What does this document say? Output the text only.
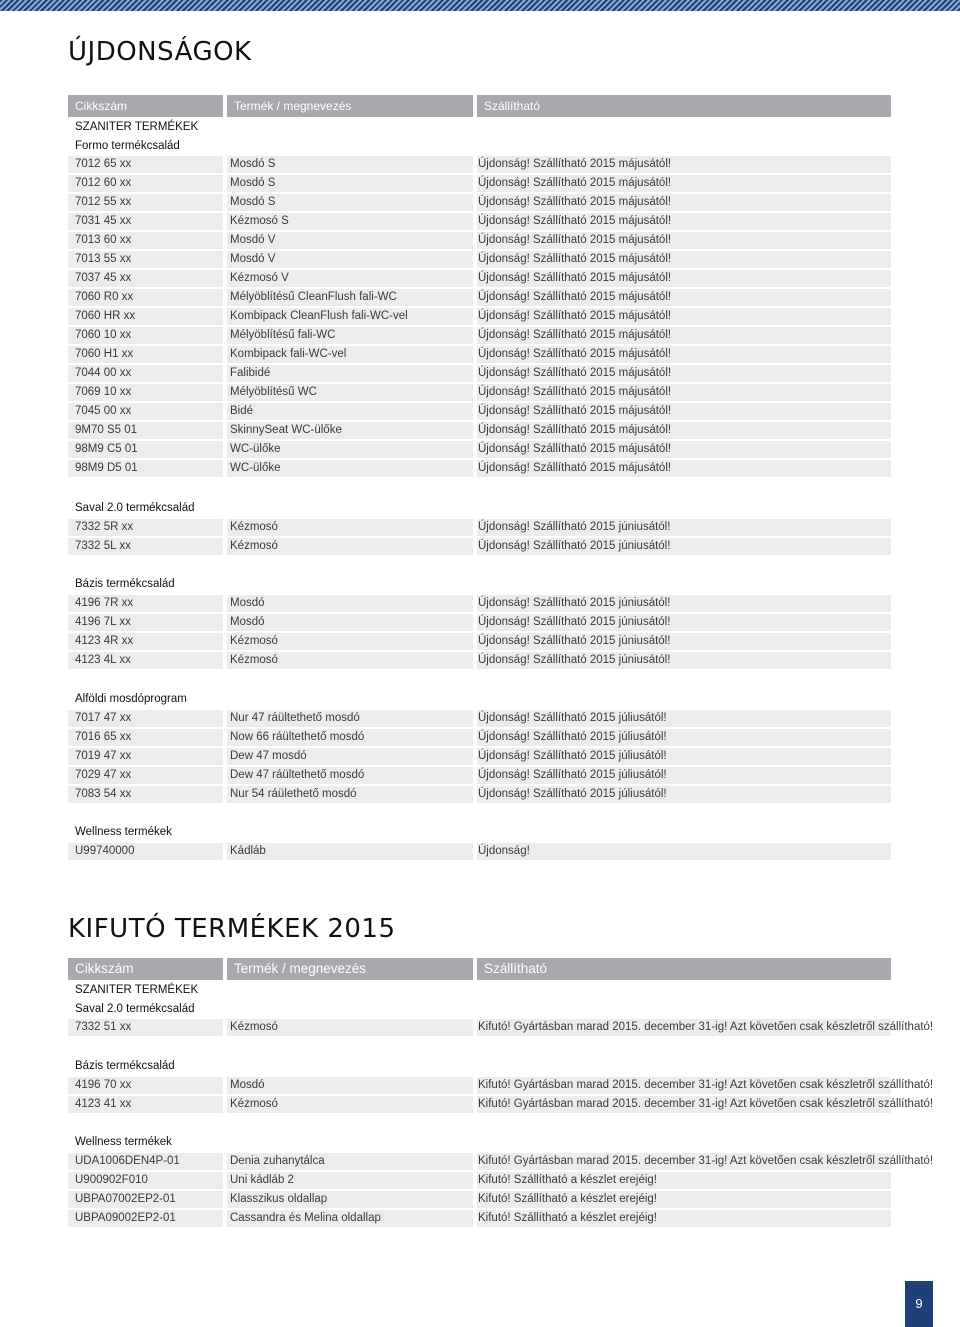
ÚJDONSÁGOK
Cikkszám	Termék / megnevezés	Szállítható
SZANITER TERMÉKEK
Formo termékcsalád
7012 65 xx	Mosdó S	Újdonság! Szállítható 2015 májusától!
7012 60 xx	Mosdó S	Újdonság! Szállítható 2015 májusától!
7012 55 xx	Mosdó S	Újdonság! Szállítható 2015 májusától!
7031 45 xx	Kézmosó S	Újdonság! Szállítható 2015 májusától!
7013 60 xx	Mosdó V	Újdonság! Szállítható 2015 májusától!
7013 55 xx	Mosdó V	Újdonság! Szállítható 2015 májusától!
7037 45 xx	Kézmosó V	Újdonság! Szállítható 2015 májusától!
7060 R0 xx	Mélyöblítésű CleanFlush fali-WC	Újdonság! Szállítható 2015 májusától!
7060 HR xx	Kombipack CleanFlush fali-WC-vel	Újdonság! Szállítható 2015 májusától!
7060 10 xx	Mélyöblítésű fali-WC	Újdonság! Szállítható 2015 májusától!
7060 H1 xx	Kombipack fali-WC-vel	Újdonság! Szállítható 2015 májusától!
7044 00 xx	Falibidé	Újdonság! Szállítható 2015 májusától!
7069 10 xx	Mélyöblítésű WC	Újdonság! Szállítható 2015 májusától!
7045 00 xx	Bidé	Újdonság! Szállítható 2015 májusától!
9M70 S5 01	SkinnySeat WC-ülőke	Újdonság! Szállítható 2015 májusától!
98M9 C5 01	WC-ülőke	Újdonság! Szállítható 2015 májusától!
98M9 D5 01	WC-ülőke	Újdonság! Szállítható 2015 májusától!
Saval 2.0 termékcsalád
7332 5R xx	Kézmosó	Újdonság! Szállítható 2015 júniusától!
7332 5L xx	Kézmosó	Újdonság! Szállítható 2015 júniusától!
Bázis termékcsalád
4196 7R xx	Mosdó	Újdonság! Szállítható 2015 júniusától!
4196 7L xx	Mosdó	Újdonság! Szállítható 2015 júniusától!
4123 4R xx	Kézmosó	Újdonság! Szállítható 2015 júniusától!
4123 4L xx	Kézmosó	Újdonság! Szállítható 2015 júniusától!
Alföldi mosdóprogram
7017 47 xx	Nur 47 ráültethető mosdó	Újdonság! Szállítható 2015 júliusától!
7016 65 xx	Now 66 ráültethető mosdó	Újdonság! Szállítható 2015 júliusától!
7019 47 xx	Dew 47 mosdó	Újdonság! Szállítható 2015 júliusától!
7029 47 xx	Dew 47 ráültethető mosdó	Újdonság! Szállítható 2015 júliusától!
7083 54 xx	Nur 54 ráülethető mosdó	Újdonság! Szállítható 2015 júliusától!
Wellness termékek
U99740000	Kádláb	Újdonság!
KIFUTÓ TERMÉKEK 2015
Cikkszám	Termék / megnevezés	Szállítható
SZANITER TERMÉKEK
Saval 2.0 termékcsalád
7332 51 xx	Kézmosó	Kifutó! Gyártásban marad 2015. december 31-ig! Azt követően csak készletről szállítható!
Bázis termékcsalád
4196 70 xx	Mosdó	Kifutó! Gyártásban marad 2015. december 31-ig! Azt követően csak készletről szállítható!
4123 41 xx	Kézmosó	Kifutó! Gyártásban marad 2015. december 31-ig! Azt követően csak készletről szállítható!
Wellness termékek
UDA1006DEN4P-01	Denia zuhanytálca	Kifutó! Gyártásban marad 2015. december 31-ig! Azt követően csak készletről szállítható!
U900902F010	Uni kádláb 2	Kifutó! Szállítható a készlet erejéig!
UBPA07002EP2-01	Klasszikus oldallap	Kifutó! Szállítható a készlet erejéig!
UBPA09002EP2-01	Cassandra és Melina oldallap	Kifutó! Szállítható a készlet erejéig!
9
